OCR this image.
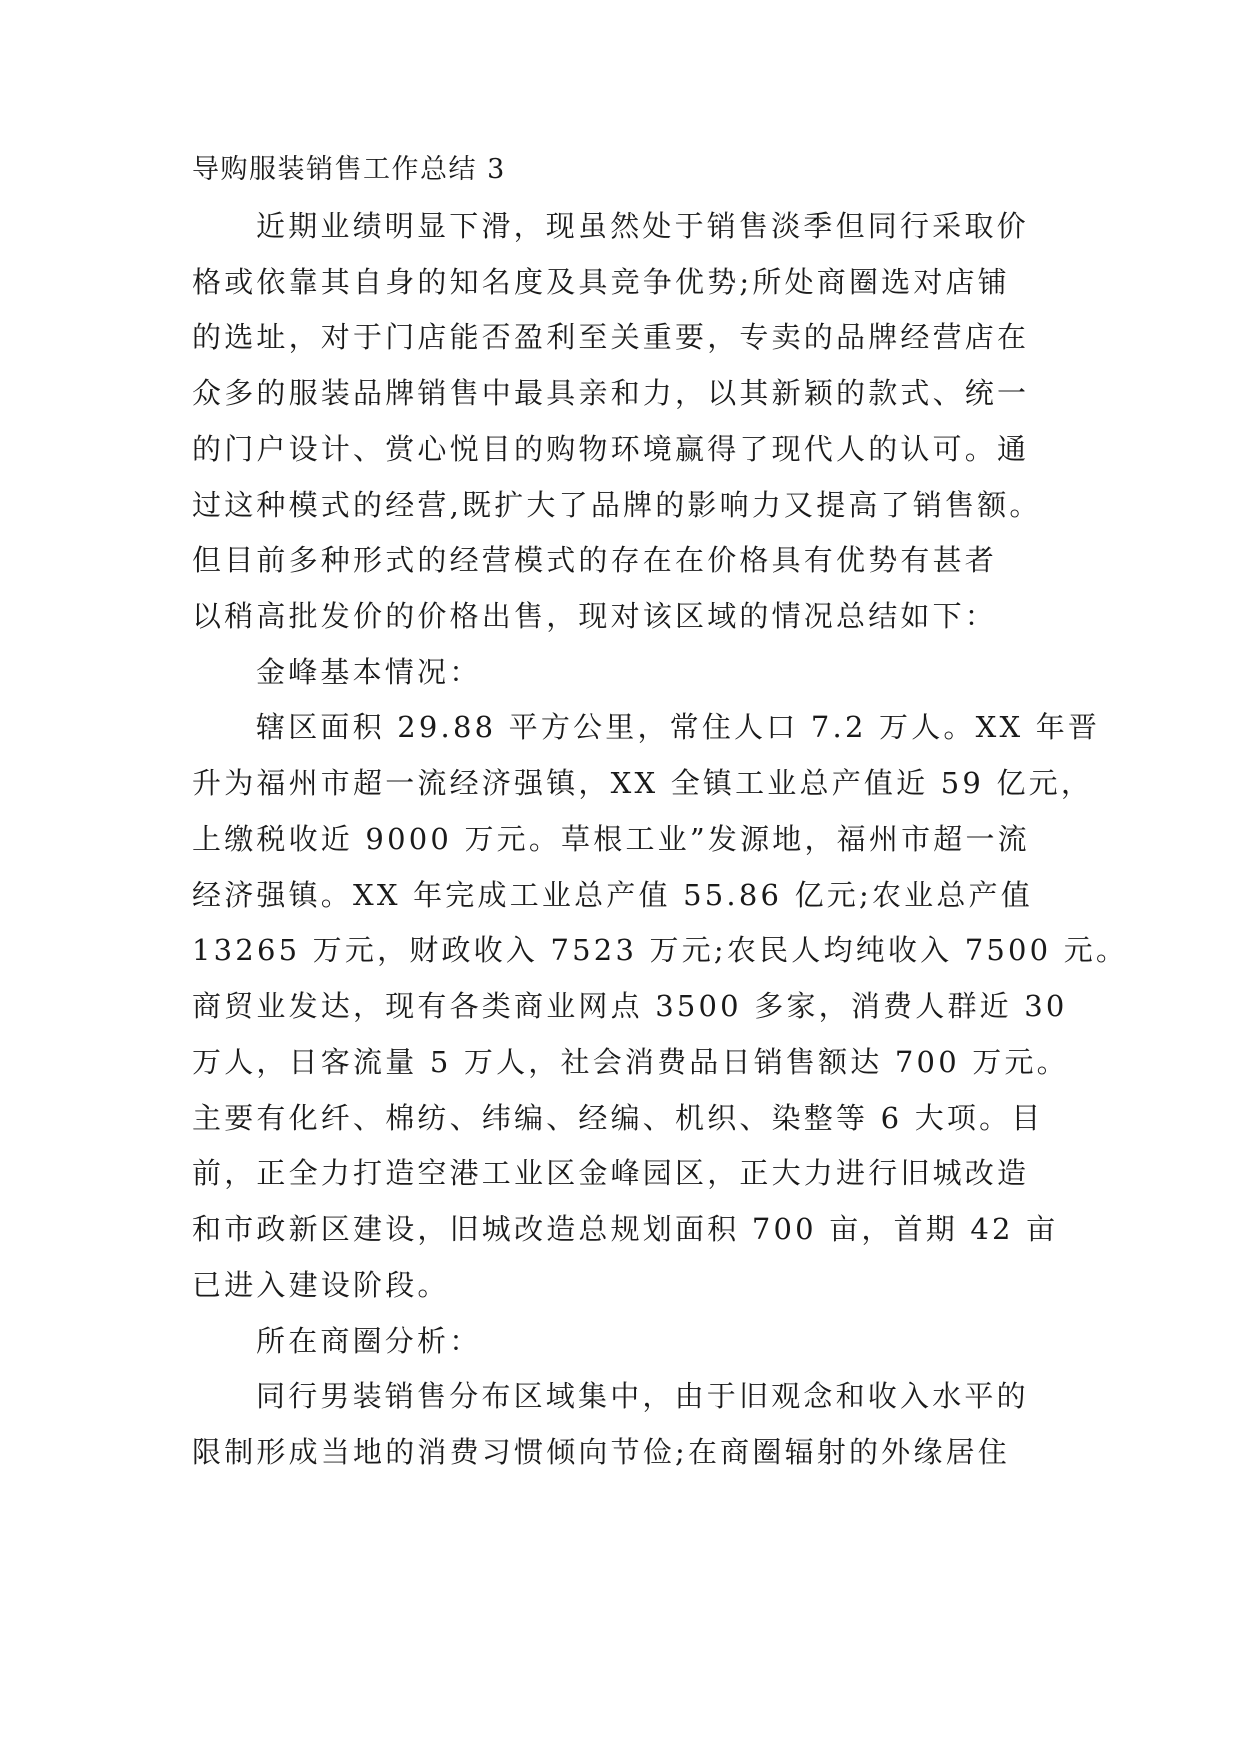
导购服装销售工作总结 3
近期业绩明显下滑，现虽然处于销售淡季但同行采取价
格或依靠其自身的知名度及具竞争优势;所处商圈选对店铺
的选址，对于门店能否盈利至关重要，专卖的品牌经营店在
众多的服装品牌销售中最具亲和力，以其新颖的款式、统一
的门户设计、赏心悦目的购物环境赢得了现代人的认可。通
过这种模式的经营,既扩大了品牌的影响力又提高了销售额。
但目前多种形式的经营模式的存在在价格具有优势有甚者
以稍高批发价的价格出售，现对该区域的情况总结如下：
金峰基本情况：
辖区面积 29.88 平方公里，常住人口 7.2 万人。XX 年晋
升为福州市超一流经济强镇，XX 全镇工业总产值近 59 亿元，
上缴税收近 9000 万元。草根工业”发源地，福州市超一流
经济强镇。XX 年完成工业总产值 55.86 亿元;农业总产值
13265 万元，财政收入 7523 万元;农民人均纯收入 7500 元。
商贸业发达，现有各类商业网点 3500 多家，消费人群近 30
万人，日客流量 5 万人，社会消费品日销售额达 700 万元。
主要有化纤、棉纺、纬编、经编、机织、染整等 6 大项。目
前，正全力打造空港工业区金峰园区，正大力进行旧城改造
和市政新区建设，旧城改造总规划面积 700 亩，首期 42 亩
已进入建设阶段。
所在商圈分析：
同行男装销售分布区域集中，由于旧观念和收入水平的
限制形成当地的消费习惯倾向节俭;在商圈辐射的外缘居住
